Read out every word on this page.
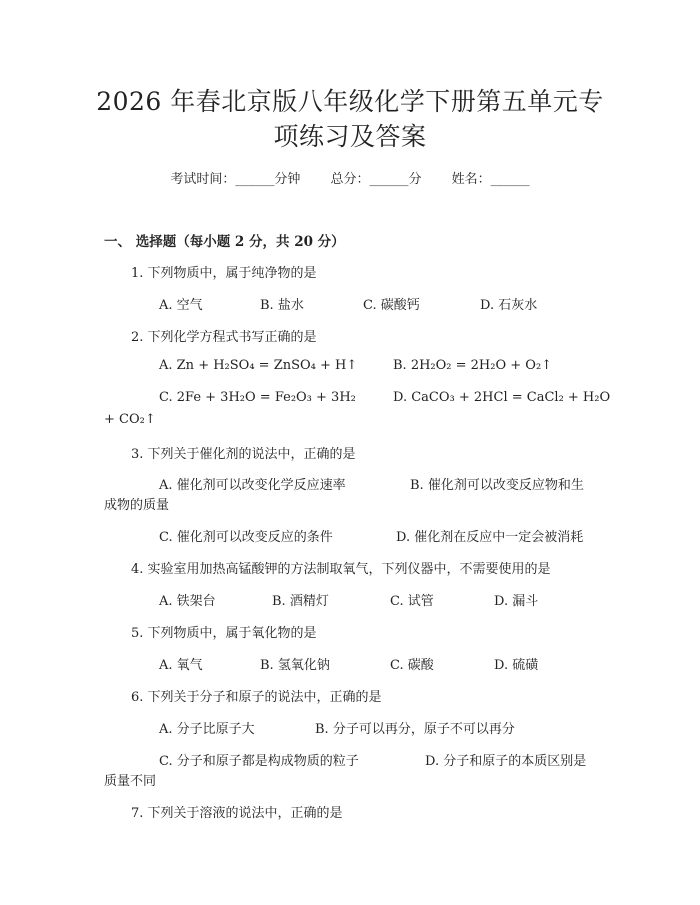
2026 年春北京版八年级化学下册第五单元专
项练习及答案
考试时间：______分钟 总分：______分 姓名：______
一、 选择题（每小题 2 分，共 20 分）
1. 下列物质中，属于纯净物的是
A. 空气	B. 盐水	C. 碳酸钙	D. 石灰水
2. 下列化学方程式书写正确的是
A. Zn + H₂SO₄ = ZnSO₄ + H↑	B. 2H₂O₂ = 2H₂O + O₂↑
C. 2Fe + 3H₂O = Fe₂O₃ + 3H₂	D. CaCO₃ + 2HCl = CaCl₂ + H₂O
+ CO₂↑
3. 下列关于催化剂的说法中，正确的是
A. 催化剂可以改变化学反应速率	B. 催化剂可以改变反应物和生
成物的质量
C. 催化剂可以改变反应的条件	D. 催化剂在反应中一定会被消耗
4. 实验室用加热高锰酸钾的方法制取氧气，下列仪器中，不需要使用的是
A. 铁架台	B. 酒精灯	C. 试管	D. 漏斗
5. 下列物质中，属于氧化物的是
A. 氧气	B. 氢氧化钠	C. 碳酸	D. 硫磺
6. 下列关于分子和原子的说法中，正确的是
A. 分子比原子大	B. 分子可以再分，原子不可以再分
C. 分子和原子都是构成物质的粒子	D. 分子和原子的本质区别是
质量不同
7. 下列关于溶液的说法中，正确的是
